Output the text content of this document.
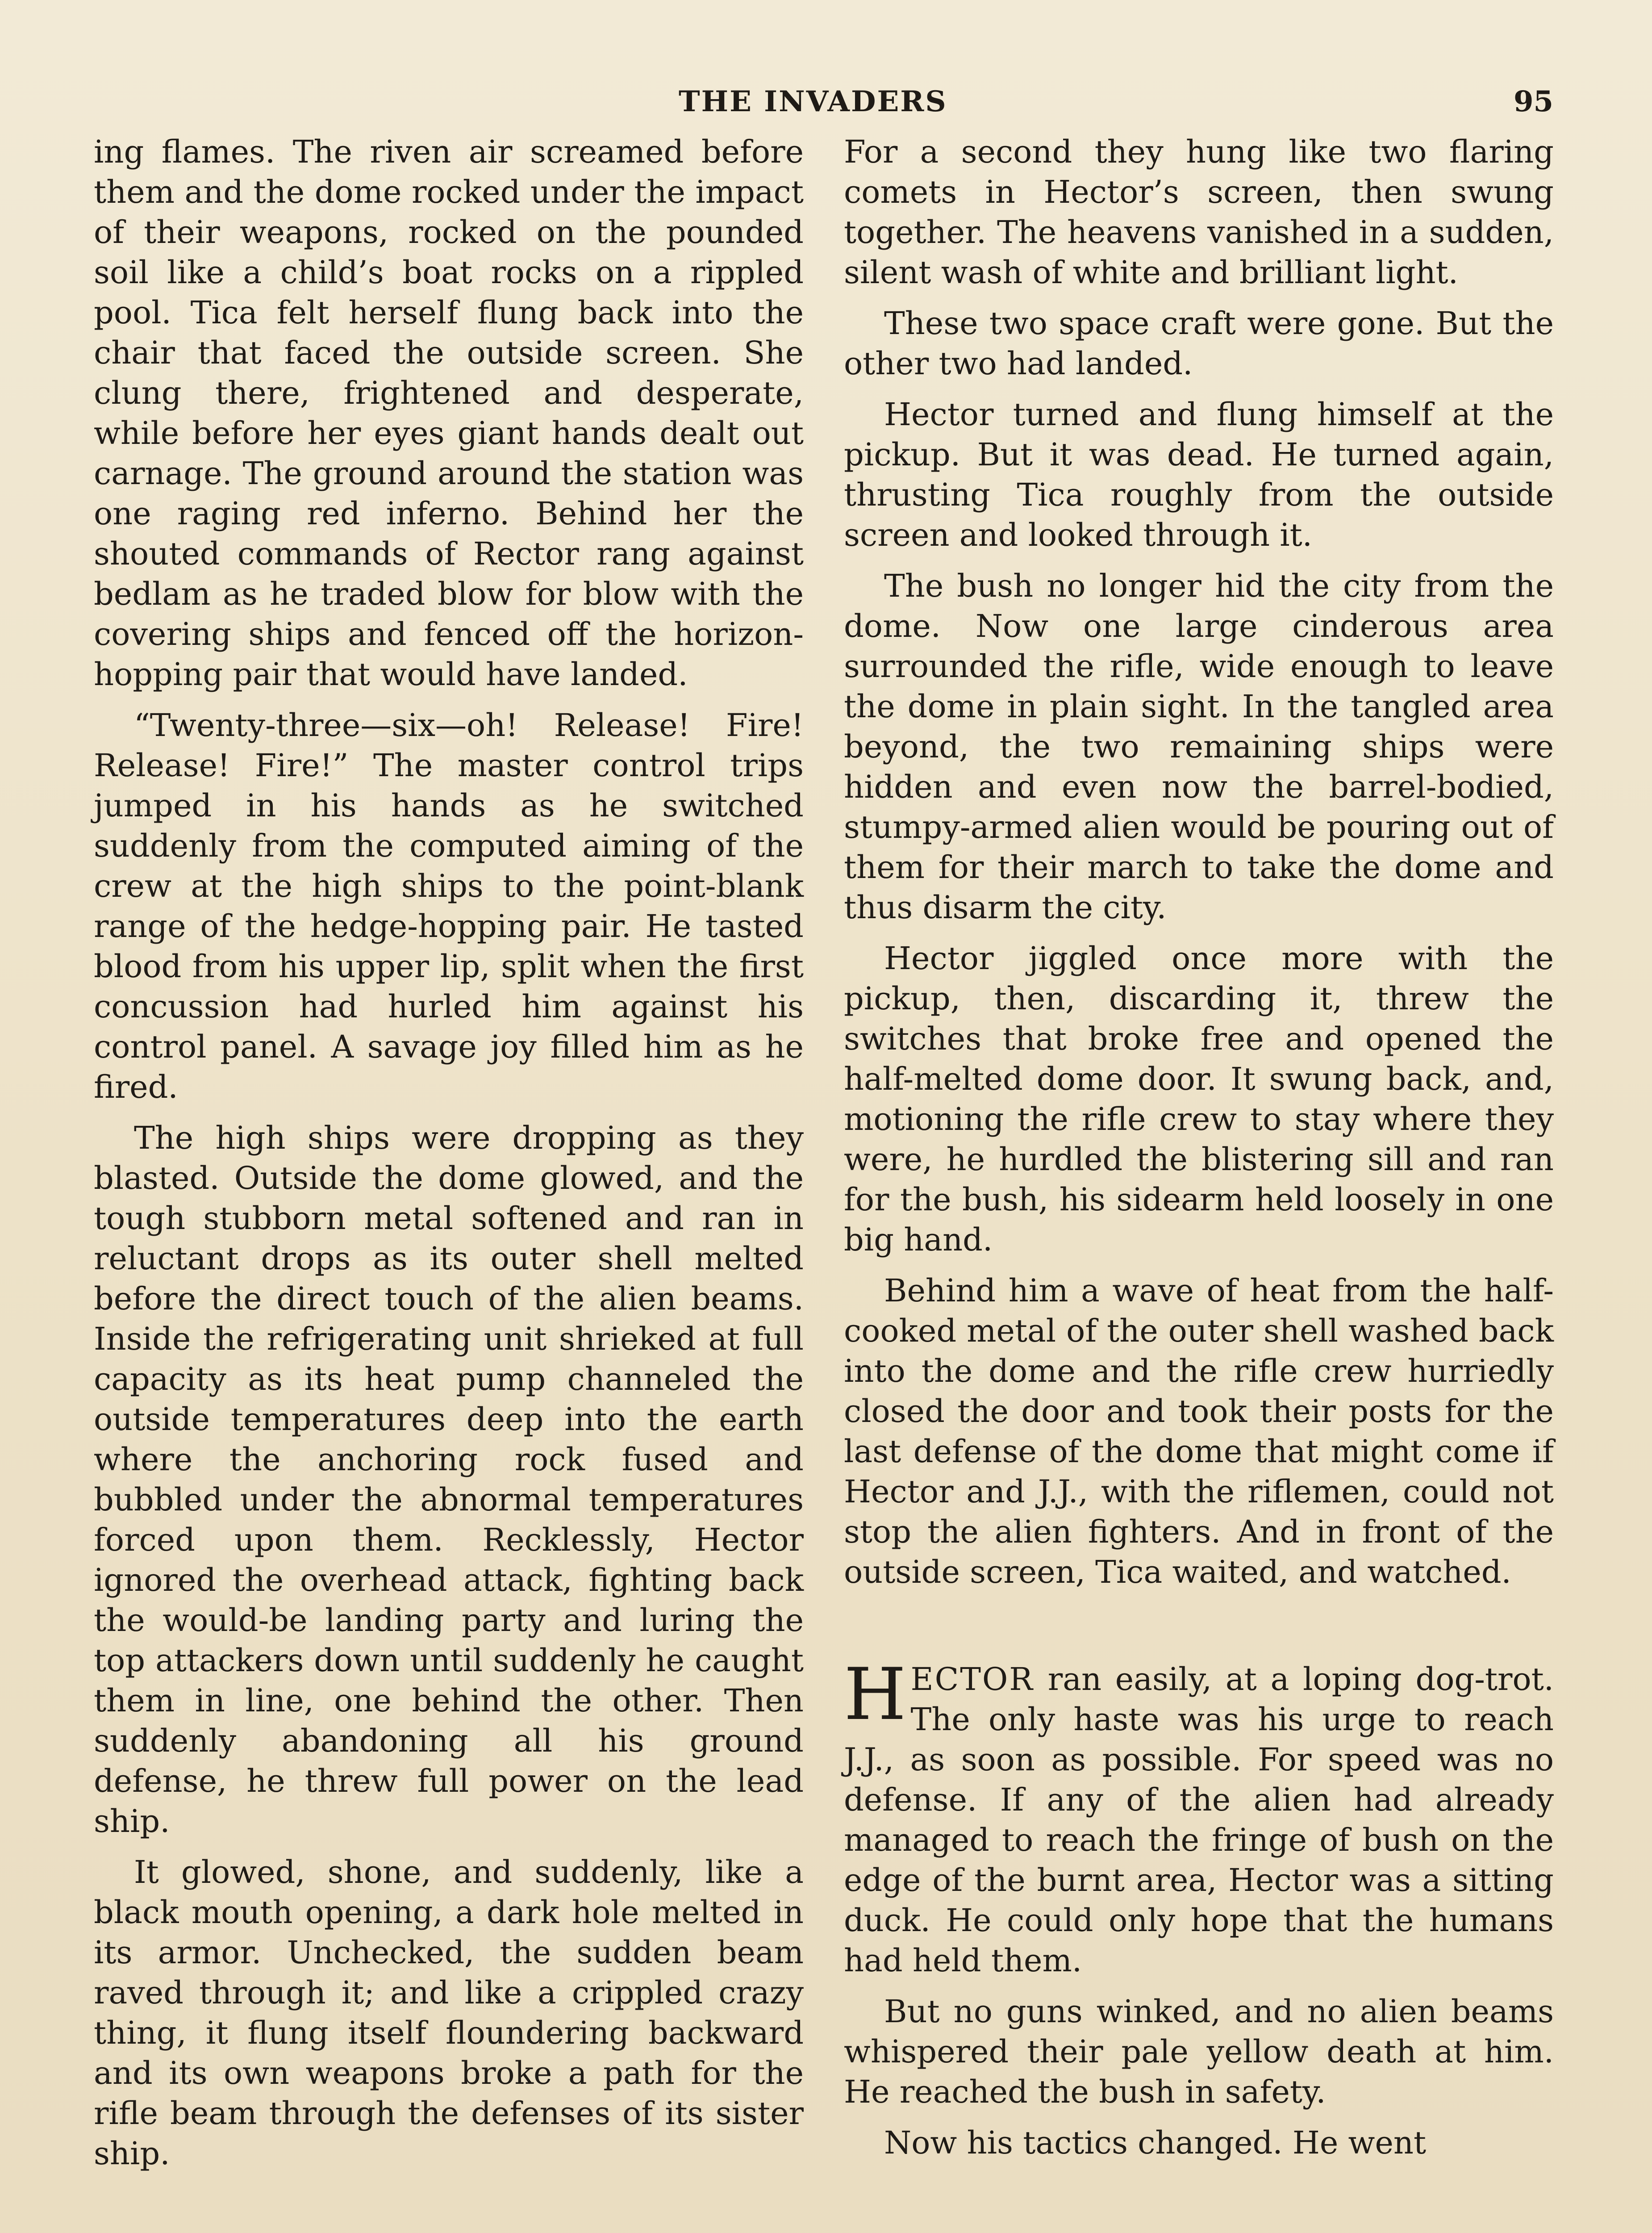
THE INVADERS	95

ing flames. The riven air screamed before them and the dome rocked under the impact of their weapons, rocked on the pounded soil like a child’s boat rocks on a rippled pool. Tica felt herself flung back into the chair that faced the outside screen. She clung there, frightened and desperate, while before her eyes giant hands dealt out carnage. The ground around the station was one raging red inferno. Behind her the shouted commands of Rector rang against bedlam as he traded blow for blow with the covering ships and fenced off the horizon-hopping pair that would have landed.

“Twenty-three—six—oh! Release! Fire! Release! Fire!” The master control trips jumped in his hands as he switched suddenly from the computed aiming of the crew at the high ships to the point-blank range of the hedge-hopping pair. He tasted blood from his upper lip, split when the first concussion had hurled him against his control panel. A savage joy filled him as he fired.

The high ships were dropping as they blasted. Outside the dome glowed, and the tough stubborn metal softened and ran in reluctant drops as its outer shell melted before the direct touch of the alien beams. Inside the refrigerating unit shrieked at full capacity as its heat pump channeled the outside temperatures deep into the earth where the anchoring rock fused and bubbled under the abnormal temperatures forced upon them. Recklessly, Hector ignored the overhead attack, fighting back the would-be landing party and luring the top attackers down until suddenly he caught them in line, one behind the other. Then suddenly abandoning all his ground defense, he threw full power on the lead ship.

It glowed, shone, and suddenly, like a black mouth opening, a dark hole melted in its armor. Unchecked, the sudden beam raved through it; and like a crippled crazy thing, it flung itself floundering backward and its own weapons broke a path for the rifle beam through the defenses of its sister ship.

For a second they hung like two flaring comets in Hector’s screen, then swung together. The heavens vanished in a sudden, silent wash of white and brilliant light.

These two space craft were gone. But the other two had landed.

Hector turned and flung himself at the pickup. But it was dead. He turned again, thrusting Tica roughly from the outside screen and looked through it.

The bush no longer hid the city from the dome. Now one large cinderous area surrounded the rifle, wide enough to leave the dome in plain sight. In the tangled area beyond, the two remaining ships were hidden and even now the barrel-bodied, stumpy-armed alien would be pouring out of them for their march to take the dome and thus disarm the city.

Hector jiggled once more with the pickup, then, discarding it, threw the switches that broke free and opened the half-melted dome door. It swung back, and, motioning the rifle crew to stay where they were, he hurdled the blistering sill and ran for the bush, his sidearm held loosely in one big hand.

Behind him a wave of heat from the half-cooked metal of the outer shell washed back into the dome and the rifle crew hurriedly closed the door and took their posts for the last defense of the dome that might come if Hector and J.J., with the riflemen, could not stop the alien fighters. And in front of the outside screen, Tica waited, and watched.

HECTOR ran easily, at a loping dog-trot. The only haste was his urge to reach J.J., as soon as possible. For speed was no defense. If any of the alien had already managed to reach the fringe of bush on the edge of the burnt area, Hector was a sitting duck. He could only hope that the humans had held them.

But no guns winked, and no alien beams whispered their pale yellow death at him. He reached the bush in safety.

Now his tactics changed. He went
